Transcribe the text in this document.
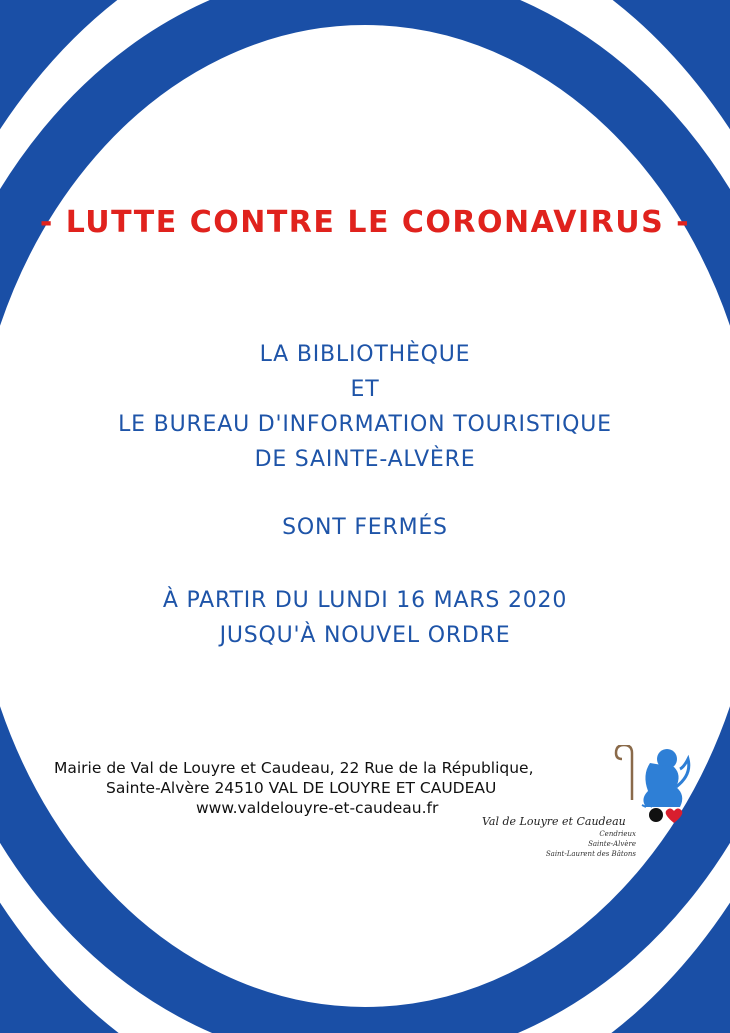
- LUTTE CONTRE LE CORONAVIRUS -
LA BIBLIOTHÈQUE
ET
LE BUREAU D'INFORMATION TOURISTIQUE
DE SAINTE-ALVÈRE
SONT FERMÉS
À PARTIR DU LUNDI 16 MARS 2020
JUSQU'À NOUVEL ORDRE
Mairie de Val de Louyre et Caudeau, 22 Rue de la République,
Sainte-Alvère 24510 VAL DE LOUYRE ET CAUDEAU
www.valdelouyre-et-caudeau.fr
Val de Louyre et Caudeau
Cendrieux
Sainte-Alvère
Saint-Laurent des Bâtons
